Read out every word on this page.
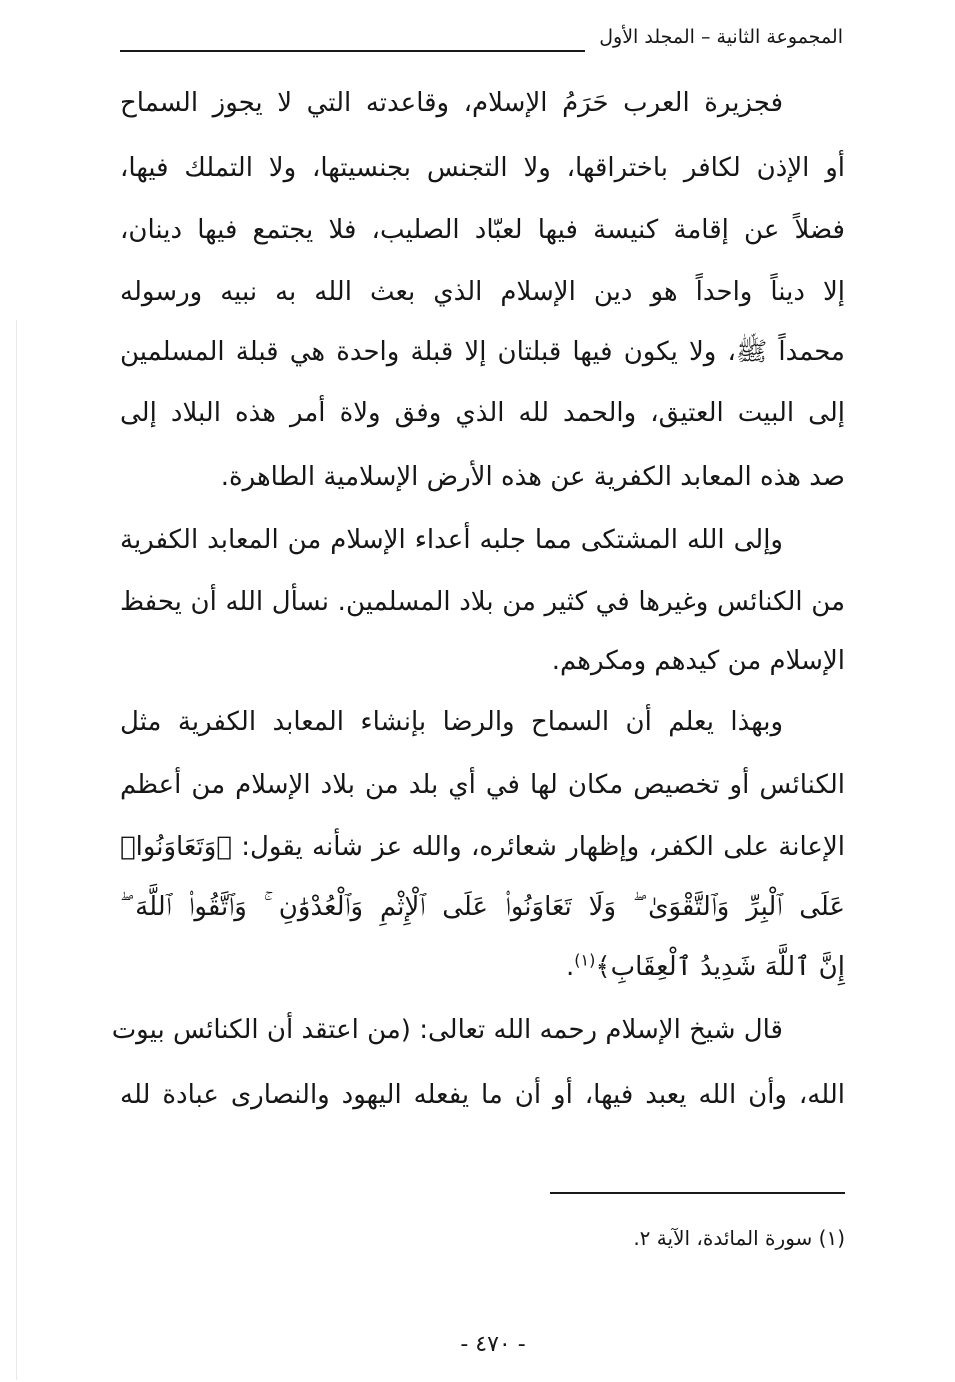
المجموعة الثانية – المجلد الأول
فجزيرة العرب حَرَمُ الإسلام، وقاعدته التي لا يجوز السماح
أو الإذن لكافر باختراقها، ولا التجنس بجنسيتها، ولا التملك فيها،
فضلاً عن إقامة كنيسة فيها لعبّاد الصليب، فلا يجتمع فيها دينان،
إلا ديناً واحداً هو دين الإسلام الذي بعث الله به نبيه ورسوله
محمداً ﷺ، ولا يكون فيها قبلتان إلا قبلة واحدة هي قبلة المسلمين
إلى البيت العتيق، والحمد لله الذي وفق ولاة أمر هذه البلاد إلى
صد هذه المعابد الكفرية عن هذه الأرض الإسلامية الطاهرة.
وإلى الله المشتكى مما جلبه أعداء الإسلام من المعابد الكفرية
من الكنائس وغيرها في كثير من بلاد المسلمين. نسأل الله أن يحفظ
الإسلام من كيدهم ومكرهم.
وبهذا يعلم أن السماح والرضا بإنشاء المعابد الكفرية مثل
الكنائس أو تخصيص مكان لها في أي بلد من بلاد الإسلام من أعظم
الإعانة على الكفر، وإظهار شعائره، والله عز شأنه يقول: ﴿وَتَعَاوَنُوا۟
عَلَى ٱلْبِرِّ وَٱلتَّقْوَىٰ ۖ وَلَا تَعَاوَنُوا۟ عَلَى ٱلْإِثْمِ وَٱلْعُدْوَٰنِ ۚ وَٱتَّقُوا۟ ٱللَّهَ ۖ
إِنَّ ٱللَّهَ شَدِيدُ ٱلْعِقَابِ﴾$^{(١)}$.
قال شيخ الإسلام رحمه الله تعالى: (من اعتقد أن الكنائس بيوت
الله، وأن الله يعبد فيها، أو أن ما يفعله اليهود والنصارى عبادة لله
(١) سورة المائدة، الآية ٢.
- ٤٧٠ -
